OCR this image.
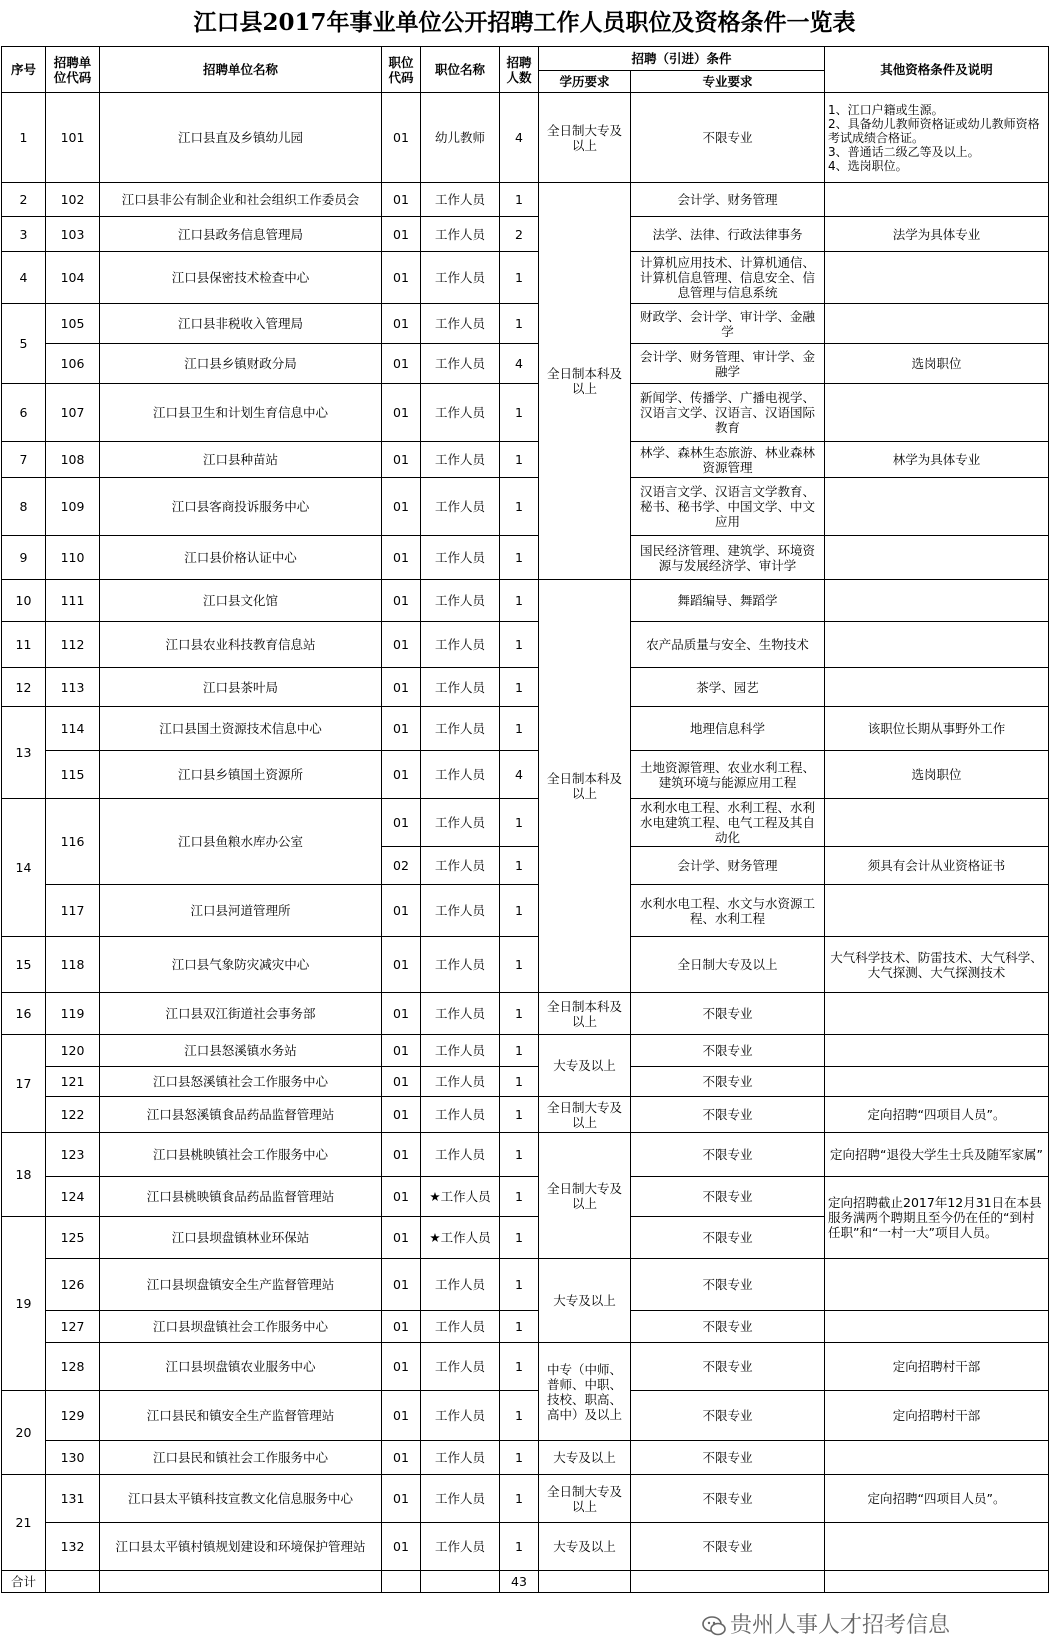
江口县2017年事业单位公开招聘工作人员职位及资格条件一览表
序号	招聘单位代码	招聘单位名称	职位代码	职位名称	招聘人数	招聘（引进）条件		其他资格条件及说明	
						学历要求	专业要求		
1	101	江口县直及乡镇幼儿园	01	幼儿教师	4	全日制大专及以上	不限专业	1、江口户籍或生源。
2、具备幼儿教师资格证或幼儿教师资格考试成绩合格证。
3、普通话二级乙等及以上。
4、选岗职位。	
2	102	江口县非公有制企业和社会组织工作委员会	01	工作人员	1	全日制本科及以上	会计学、财务管理		
3	103	江口县政务信息管理局	01	工作人员	2		法学、法律、行政法律事务	法学为具体专业	
4	104	江口县保密技术检查中心	01	工作人员	1		计算机应用技术、计算机通信、计算机信息管理、信息安全、信息管理与信息系统		
5	105	江口县非税收入管理局	01	工作人员	1		财政学、会计学、审计学、金融学		
	106	江口县乡镇财政分局	01	工作人员	4		会计学、财务管理、审计学、金融学	选岗职位	
6	107	江口县卫生和计划生育信息中心	01	工作人员	1		新闻学、传播学、广播电视学、汉语言文学、汉语言、汉语国际教育		
7	108	江口县种苗站	01	工作人员	1		林学、森林生态旅游、林业森林资源管理	林学为具体专业	
8	109	江口县客商投诉服务中心	01	工作人员	1		汉语言文学、汉语言文学教育、秘书、秘书学、中国文学、中文应用		
9	110	江口县价格认证中心	01	工作人员	1		国民经济管理、建筑学、环境资源与发展经济学、审计学		
10	111	江口县文化馆	01	工作人员	1	全日制本科及以上	舞蹈编导、舞蹈学		
11	112	江口县农业科技教育信息站	01	工作人员	1		农产品质量与安全、生物技术		
12	113	江口县茶叶局	01	工作人员	1		茶学、园艺		
13	114	江口县国土资源技术信息中心	01	工作人员	1		地理信息科学	该职位长期从事野外工作	
	115	江口县乡镇国土资源所	01	工作人员	4		土地资源管理、农业水利工程、建筑环境与能源应用工程	选岗职位	
14	116	江口县鱼粮水库办公室	01	工作人员	1		水利水电工程、水利工程、水利水电建筑工程、电气工程及其自动化		
			02	工作人员	1		会计学、财务管理	须具有会计从业资格证书	
	117	江口县河道管理所	01	工作人员	1		水利水电工程、水文与水资源工程、水利工程		
15	118	江口县气象防灾减灾中心	01	工作人员	1		全日制大专及以上	大气科学技术、防雷技术、大气科学、大气探测、大气探测技术	
16	119	江口县双江街道社会事务部	01	工作人员	1	全日制本科及以上	不限专业		
17	120	江口县怒溪镇水务站	01	工作人员	1	大专及以上	不限专业		
	121	江口县怒溪镇社会工作服务中心	01	工作人员	1		不限专业		
	122	江口县怒溪镇食品药品监督管理站	01	工作人员	1	全日制大专及以上	不限专业	定向招聘“四项目人员”。	
18	123	江口县桃映镇社会工作服务中心	01	工作人员	1	全日制大专及以上	不限专业	定向招聘“退役大学生士兵及随军家属”	
	124	江口县桃映镇食品药品监督管理站	01	★工作人员	1		不限专业	定向招聘截止2017年12月31日在本县服务满两个聘期且至今仍在任的“到村任职”和“一村一大”项目人员。	
19	125	江口县坝盘镇林业环保站	01	★工作人员	1		不限专业		
	126	江口县坝盘镇安全生产监督管理站	01	工作人员	1	大专及以上	不限专业		
	127	江口县坝盘镇社会工作服务中心	01	工作人员	1		不限专业		
	128	江口县坝盘镇农业服务中心	01	工作人员	1	中专（中师、普师、中职、技校、职高、高中）及以上	不限专业	定向招聘村干部	
20	129	江口县民和镇安全生产监督管理站	01	工作人员	1		不限专业	定向招聘村干部	
	130	江口县民和镇社会工作服务中心	01	工作人员	1	大专及以上	不限专业		
21	131	江口县太平镇科技宣教文化信息服务中心	01	工作人员	1	全日制大专及以上	不限专业	定向招聘“四项目人员”。	
	132	江口县太平镇村镇规划建设和环境保护管理站	01	工作人员	1	大专及以上	不限专业		
合计					43				
贵州人事人才招考信息
